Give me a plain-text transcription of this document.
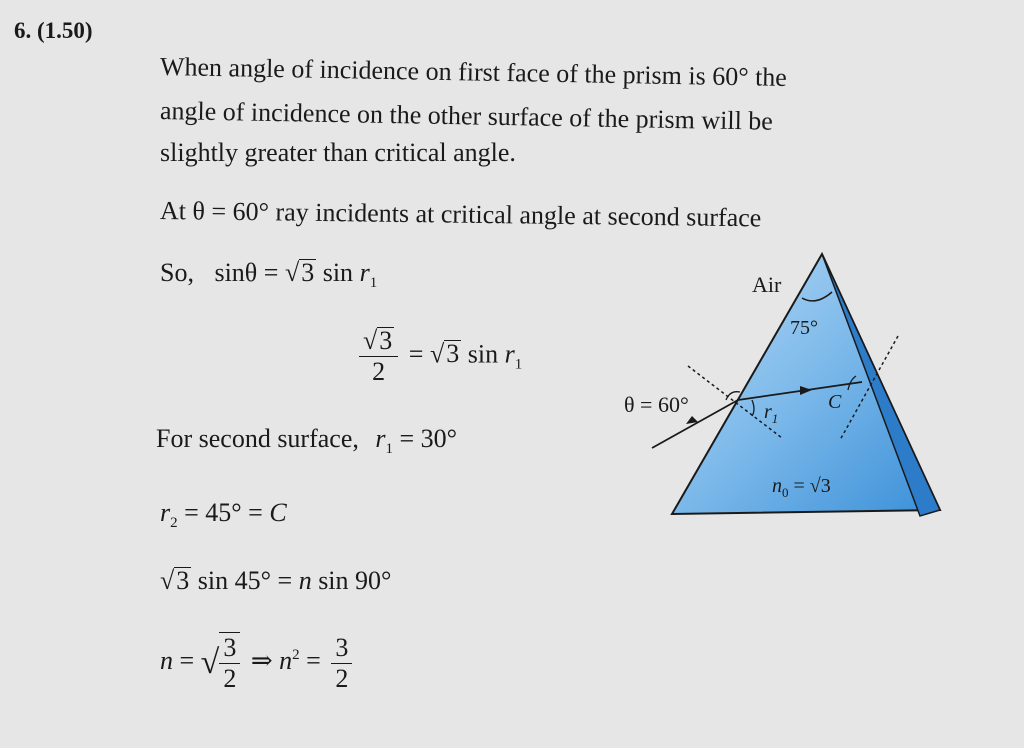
6. (1.50)
When angle of incidence on first face of the prism is 60° the
angle of incidence on the other surface of the prism will be
slightly greater than critical angle.
At θ = 60° ray incidents at critical angle at second surface
So, sinθ = √3 $\sin r_1$
$\frac{√3}{2} = √3$ $\sin r_1$
For second surface, $r_1 = 30^\circ$
$r_2 = 45^\circ = C$
√3 sin 45° = n sin 90°
n = √ $\frac{3}{2}$ ⇒ $n^2 = \frac{3}{2}$
Air
75°
θ = 60°	$r_1$
C
$n_0 = √3$
